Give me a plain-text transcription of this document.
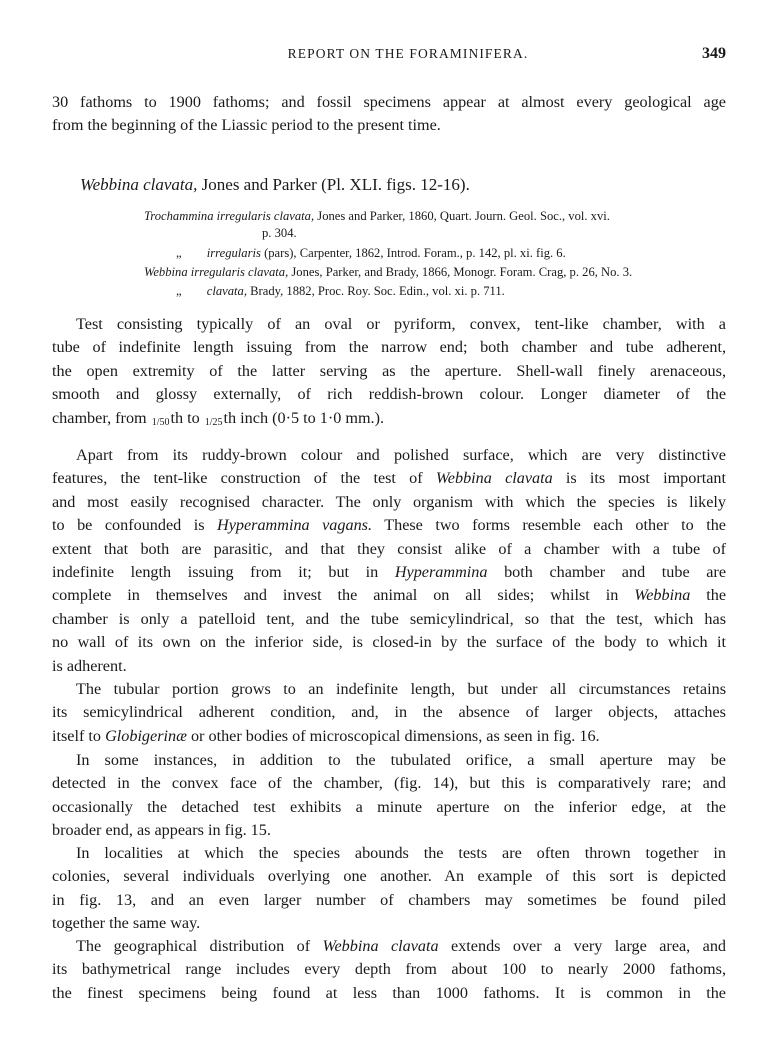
REPORT ON THE FORAMINIFERA.	349
30 fathoms to 1900 fathoms; and fossil specimens appear at almost every geological age
from the beginning of the Liassic period to the present time.
Webbina clavata, Jones and Parker (Pl. XLI. figs. 12-16).
Trochammina irregularis clavata, Jones and Parker, 1860, Quart. Journ. Geol. Soc., vol. xvi.
p. 304.
„ irregularis (pars), Carpenter, 1862, Introd. Foram., p. 142, pl. xi. fig. 6.
Webbina irregularis clavata, Jones, Parker, and Brady, 1866, Monogr. Foram. Crag, p. 26, No. 3.
„ clavata, Brady, 1882, Proc. Roy. Soc. Edin., vol. xi. p. 711.
Test consisting typically of an oval or pyriform, convex, tent-like chamber, with a
tube of indefinite length issuing from the narrow end; both chamber and tube adherent,
the open extremity of the latter serving as the aperture. Shell-wall finely arenaceous,
smooth and glossy externally, of rich reddish-brown colour. Longer diameter of the
chamber, from 1/50th to 1/25th inch (0·5 to 1·0 mm.).
Apart from its ruddy-brown colour and polished surface, which are very distinctive
features, the tent-like construction of the test of Webbina clavata is its most important
and most easily recognised character. The only organism with which the species is likely
to be confounded is Hyperammina vagans. These two forms resemble each other to the
extent that both are parasitic, and that they consist alike of a chamber with a tube of
indefinite length issuing from it; but in Hyperammina both chamber and tube are
complete in themselves and invest the animal on all sides; whilst in Webbina the
chamber is only a patelloid tent, and the tube semicylindrical, so that the test, which has
no wall of its own on the inferior side, is closed-in by the surface of the body to which it
is adherent.
The tubular portion grows to an indefinite length, but under all circumstances retains
its semicylindrical adherent condition, and, in the absence of larger objects, attaches
itself to Globigerinæ or other bodies of microscopical dimensions, as seen in fig. 16.
In some instances, in addition to the tubulated orifice, a small aperture may be
detected in the convex face of the chamber, (fig. 14), but this is comparatively rare; and
occasionally the detached test exhibits a minute aperture on the inferior edge, at the
broader end, as appears in fig. 15.
In localities at which the species abounds the tests are often thrown together in
colonies, several individuals overlying one another. An example of this sort is depicted
in fig. 13, and an even larger number of chambers may sometimes be found piled
together the same way.
The geographical distribution of Webbina clavata extends over a very large area, and
its bathymetrical range includes every depth from about 100 to nearly 2000 fathoms,
the finest specimens being found at less than 1000 fathoms. It is common in the
